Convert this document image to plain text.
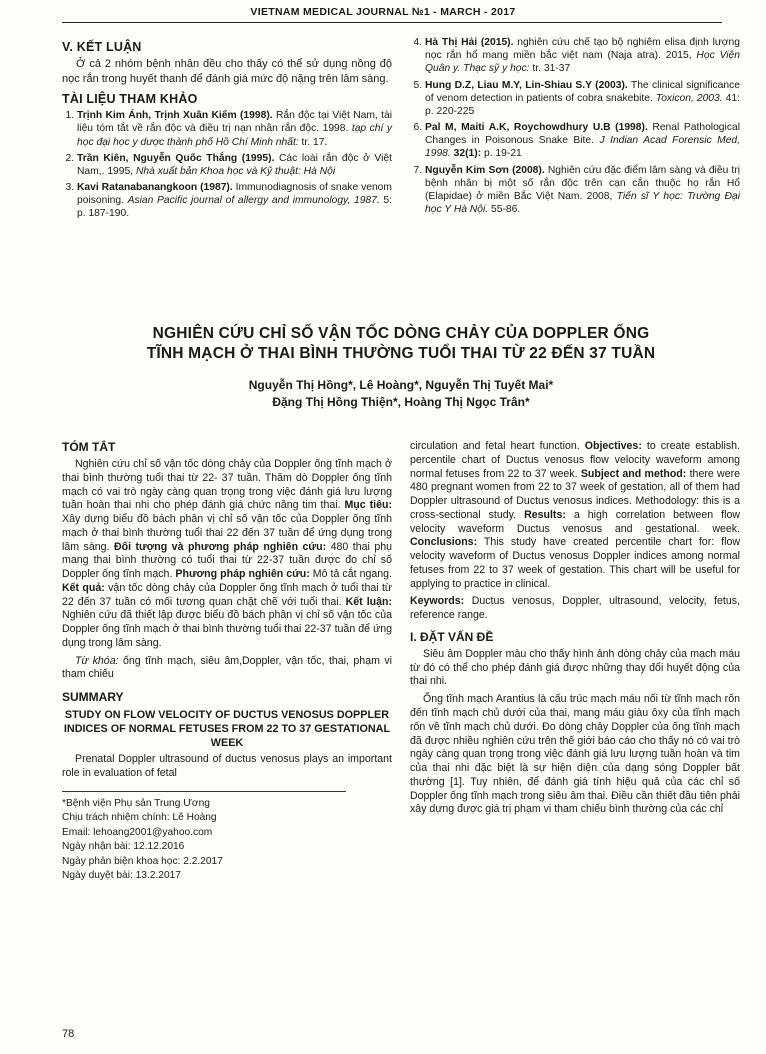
VIETNAM MEDICAL JOURNAL №1 - MARCH - 2017
V. KẾT LUẬN

Ở cả 2 nhóm bệnh nhân đều cho thấy có thể sử dụng nồng độ nọc rắn trong huyết thanh để đánh giá mức độ nặng trên lâm sàng.

TÀI LIỆU THAM KHẢO
1. Trịnh Kim Ánh, Trịnh Xuân Kiếm (1998). Rắn độc tại Việt Nam, tài liệu tóm tắt về rắn độc và điều trị nạn nhân rắn độc. 1998. tạp chí y học đại học y dược thành phố Hồ Chí Minh nhất: tr. 17.
2. Trần Kiên, Nguyễn Quốc Thắng (1995). Các loài rắn độc ở Việt Nam,. 1995, Nhà xuất bản Khoa học và Kỹ thuật: Hà Nội
3. Kavi Ratanabanangkoon (1987). Immunodiagnosis of snake venom poisoning. Asian Pacific journal of allergy and immunology, 1987. 5: p. 187-190.
4. Hà Thị Hải (2015). nghiên cứu chế tạo bộ nghiêm elisa định lượng nọc rắn hổ mang miền bắc việt nam (Naja atra). 2015, Học Viện Quân y. Thạc sỹ y học: tr. 31-37
5. Hung D.Z, Liau M.Y, Lin-Shiau S.Y (2003). The clinical significance of venom detection in patients of cobra snakebite. Toxicon, 2003. 41: p. 220-225
6. Pal M, Maiti A.K, Roychowdhury U.B (1998). Renal Pathological Changes in Poisonous Snake Bite. J Indian Acad Forensic Med, 1998. 32(1): p. 19-21
7. Nguyễn Kim Sơn (2008). Nghiên cứu đặc điểm lâm sàng và điều trị bệnh nhân bị một số rắn độc trên cạn cắn thuộc họ rắn Hổ (Elapidae) ở miền Bắc Việt Nam. 2008, Tiến sĩ Y học: Trường Đại học Y Hà Nội. 55-86.
NGHIÊN CỨU CHỈ SỐ VẬN TỐC DÒNG CHẢY CỦA DOPPLER ỐNG
TĨNH MẠCH Ở THAI BÌNH THƯỜNG TUỔI THAI TỪ 22 ĐẾN 37 TUẦN
Nguyễn Thị Hồng*, Lê Hoàng*, Nguyễn Thị Tuyết Mai*
Đặng Thị Hồng Thiện*, Hoàng Thị Ngọc Trân*
TÓM TẮT

Nghiên cứu chỉ số vận tốc dòng chảy của Doppler ống tĩnh mạch ở thai bình thường tuổi thai từ 22- 37 tuần. Thăm dò Doppler ống tĩnh mạch có vai trò ngày càng quan trọng trong việc đánh giá lưu lượng tuần hoàn thai nhi cho phép đánh giá chức năng tim thai. Mục tiêu: Xây dựng biểu đồ bách phân vị chỉ số vận tốc của Doppler ống tĩnh mạch ở thai bình thường tuổi thai 22 đến 37 tuần để ứng dụng trong lâm sàng. Đối tượng và phương pháp nghiên cứu: 480 thai phụ mang thai bình thường có tuổi thai từ 22-37 tuần được đo chỉ số Doppler ống tĩnh mạch. Phương pháp nghiên cứu: Mô tả cắt ngang. Kết quả: vận tốc dòng chảy của Doppler ống tĩnh mạch ở tuổi thai từ 22 đến 37 tuần có mối tương quan chặt chẽ với tuổi thai. Kết luận: Nghiên cứu đã thiết lập được biểu đồ bách phân vị chỉ số vận tốc của Doppler ống tĩnh mạch ở thai bình thường tuổi thai 22-37 tuần để ứng dụng trong lâm sàng.

Từ khóa: ống tĩnh mạch, siêu âm,Doppler, vận tốc, thai, phạm vi tham chiếu

SUMMARY
STUDY ON FLOW VELOCITY OF DUCTUS VENOSUS DOPPLER INDICES OF NORMAL FETUSES FROM 22 TO 37 GESTATIONAL WEEK

Prenatal Doppler ultrasound of ductus venosus plays an important role in evaluation of fetal

*Bệnh viện Phụ sản Trung Ương
Chịu trách nhiệm chính: Lê Hoàng
Email: lehoang2001@yahoo.com
Ngày nhận bài: 12.12.2016
Ngày phản biện khoa học: 2.2.2017
Ngày duyệt bài: 13.2.2017

circulation and fetal heart function. Objectives: to create establish. percentile chart of Ductus venosus flow velocity waveform among normal fetuses from 22 to 37 week. Subject and method: there were 480 pregnant women from 22 to 37 week of gestation, all of them had Doppler ultrasound of Ductus venosus indices. Methodology: this is a cross-sectional study. Results: a high correlation between flow velocity waveform Ductus venosus and gestational. week. Conclusions: This study have created percentile chart for: flow velocity waveform of Ductus venosus Doppler indices among normal fetuses from 22 to 37 week of gestation. This chart will be useful for applying to practice in clinical.

Keywords: Ductus venosus, Doppler, ultrasound, velocity, fetus, reference range.

I. ĐẶT VẤN ĐỀ

Siêu âm Doppler màu cho thấy hình ảnh dòng chảy của mạch máu từ đó có thể cho phép đánh giá được những thay đổi huyết động của thai nhi.

Ống tĩnh mạch Arantius là cấu trúc mạch máu nối từ tĩnh mạch rốn đến tĩnh mạch chủ dưới của thai, mang máu giàu ôxy của tĩnh mạch rốn về tĩnh mạch chủ dưới. Đo dòng chảy Doppler của ống tĩnh mạch đã được nhiều nghiên cứu trên thế giới báo cáo cho thấy nó có vai trò ngày càng quan trọng trong việc đánh giá lưu lượng tuần hoàn và tim của thai nhi đặc biệt là sự hiện diện của dạng sóng Doppler bất thường [1]. Tuy nhiên, để đánh giá tính hiệu quả của các chỉ số Doppler ống tĩnh mạch trong siêu âm thai. Điều cần thiết đầu tiên phải xây dựng được giá trị phạm vi tham chiếu bình thường của các chỉ

78
